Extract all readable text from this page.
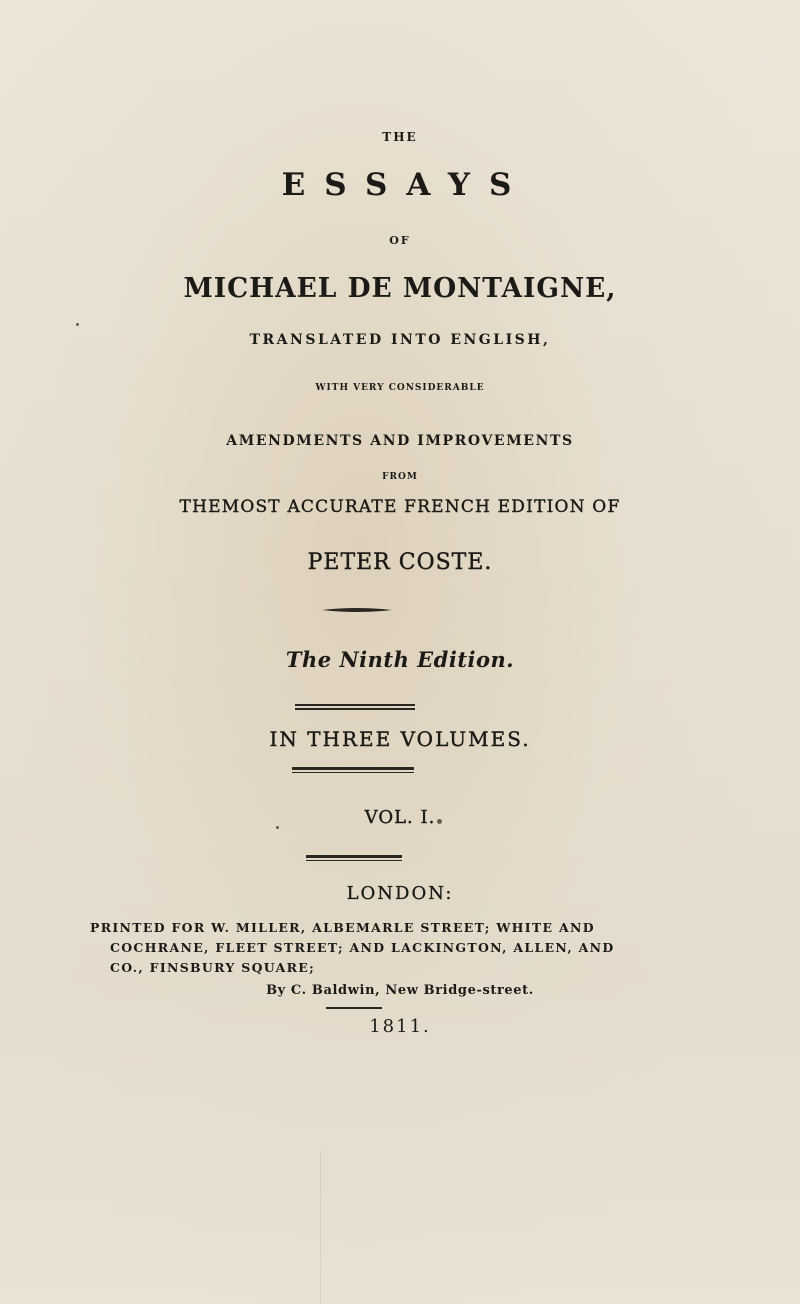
THE
ESSAYS
OF
MICHAEL DE MONTAIGNE,
TRANSLATED INTO ENGLISH,
WITH VERY CONSIDERABLE
AMENDMENTS AND IMPROVEMENTS
FROM
THEMOST ACCURATE FRENCH EDITION OF
PETER COSTE.
The Ninth Edition.
IN THREE VOLUMES.
VOL. I.
LONDON:
PRINTED FOR W. MILLER, ALBEMARLE STREET; WHITE AND
COCHRANE, FLEET STREET; AND LACKINGTON, ALLEN, AND
CO., FINSBURY SQUARE;
By C. Baldwin, New Bridge-street.
1811.
